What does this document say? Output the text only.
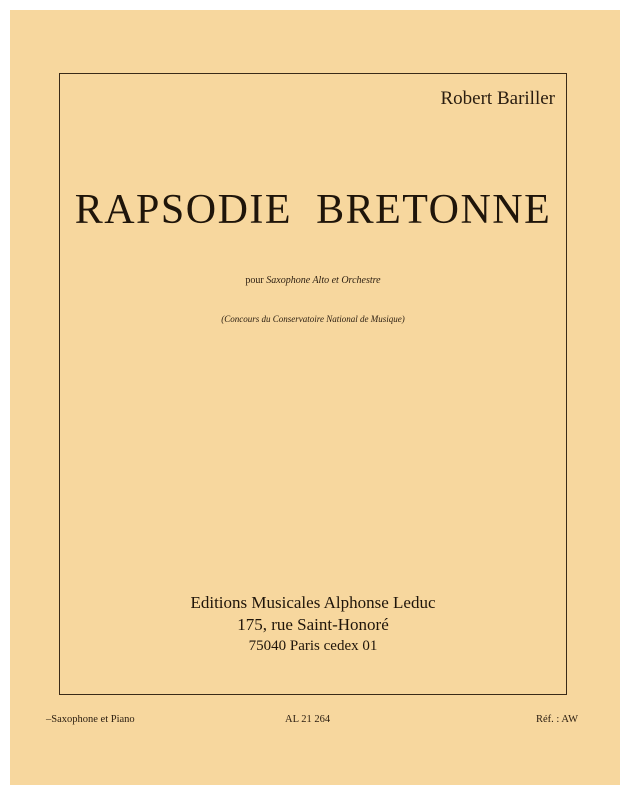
Robert Bariller
RAPSODIE BRETONNE
pour Saxophone Alto et Orchestre
(Concours du Conservatoire National de Musique)
Editions Musicales Alphonse Leduc
175, rue Saint-Honoré
75040 Paris cedex 01
–Saxophone et Piano	AL 21 264	Réf. : AW
